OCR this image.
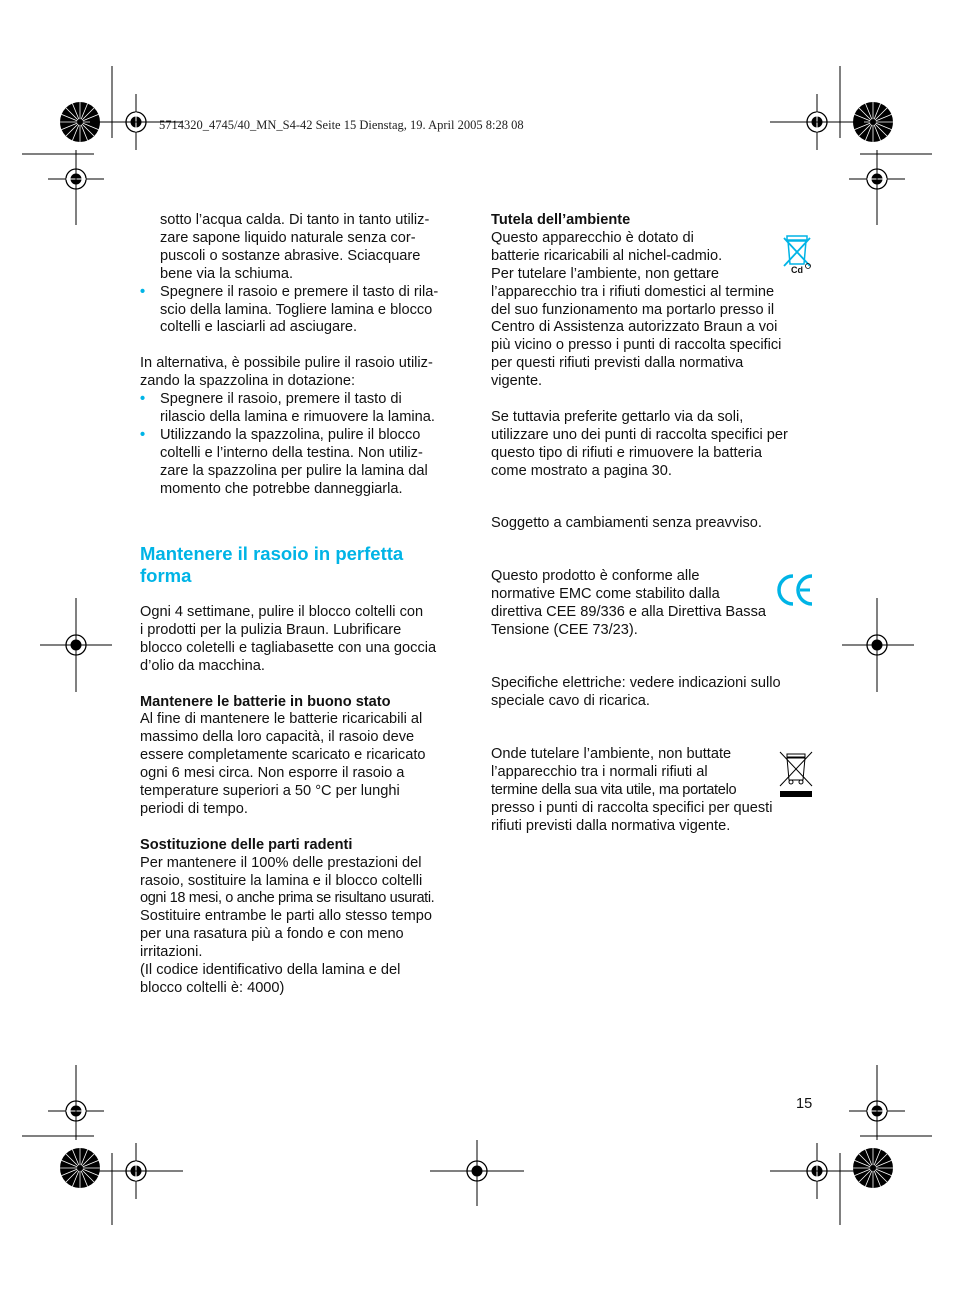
5714320_4745/40_MN_S4-42 Seite 15 Dienstag, 19. April 2005 8:28 08

sotto l’acqua calda. Di tanto in tanto utiliz-

zare sapone liquido naturale senza cor-

puscoli o sostanze abrasive. Sciacquare

bene via la schiuma.

• Spegnere il rasoio e premere il tasto di rila-

scio della lamina. Togliere lamina e blocco

coltelli e lasciarli ad asciugare.

In alternativa, è possibile pulire il rasoio utiliz-

zando la spazzolina in dotazione:

• Spegnere il rasoio, premere il tasto di

rilascio della lamina e rimuovere la lamina.

• Utilizzando la spazzolina, pulire il blocco

coltelli e l’interno della testina. Non utiliz-

zare la spazzolina per pulire la lamina dal

momento che potrebbe danneggiarla.

Mantenere il rasoio in perfetta

forma

Ogni 4 settimane, pulire il blocco coltelli con

i prodotti per la pulizia Braun. Lubrificare

blocco coletelli e tagliabasette con una goccia

d’olio da macchina.

Mantenere le batterie in buono stato

Al fine di mantenere le batterie ricaricabili al

massimo della loro capacità, il rasoio deve

essere completamente scaricato e ricaricato

ogni 6 mesi circa. Non esporre il rasoio a

temperature superiori a 50 °C per lunghi

periodi di tempo.

Sostituzione delle parti radenti

Per mantenere il 100% delle prestazioni del

rasoio, sostituire la lamina e il blocco coltelli

ogni 18 mesi, o anche prima se risultano usurati.

Sostituire entrambe le parti allo stesso tempo

per una rasatura più a fondo e con meno

irritazioni.

(Il codice identificativo della lamina e del

blocco coltelli è: 4000)

Tutela dell’ambiente

Questo apparecchio è dotato di

batterie ricaricabili al nichel-cadmio.

Per tutelare l’ambiente, non gettare

l’apparecchio tra i rifiuti domestici al termine

del suo funzionamento ma portarlo presso il

Centro di Assistenza autorizzato Braun a voi

più vicino o presso i punti di raccolta specifici

per questi rifiuti previsti dalla normativa

vigente.

Se tuttavia preferite gettarlo via da soli,

utilizzare uno dei punti di raccolta specifici per

questo tipo di rifiuti e rimuovere la batteria

come mostrato a pagina 30.

Soggetto a cambiamenti senza preavviso.

Questo prodotto è conforme alle

normative EMC come stabilito dalla

direttiva CEE 89/336 e alla Direttiva Bassa

Tensione (CEE 73/23).

Specifiche elettriche: vedere indicazioni sullo

speciale cavo di ricarica.

Onde tutelare l’ambiente, non buttate

l’apparecchio tra i normali rifiuti al

termine della sua vita utile, ma portatelo

presso i punti di raccolta specifici per questi

rifiuti previsti dalla normativa vigente.

Cd
15
